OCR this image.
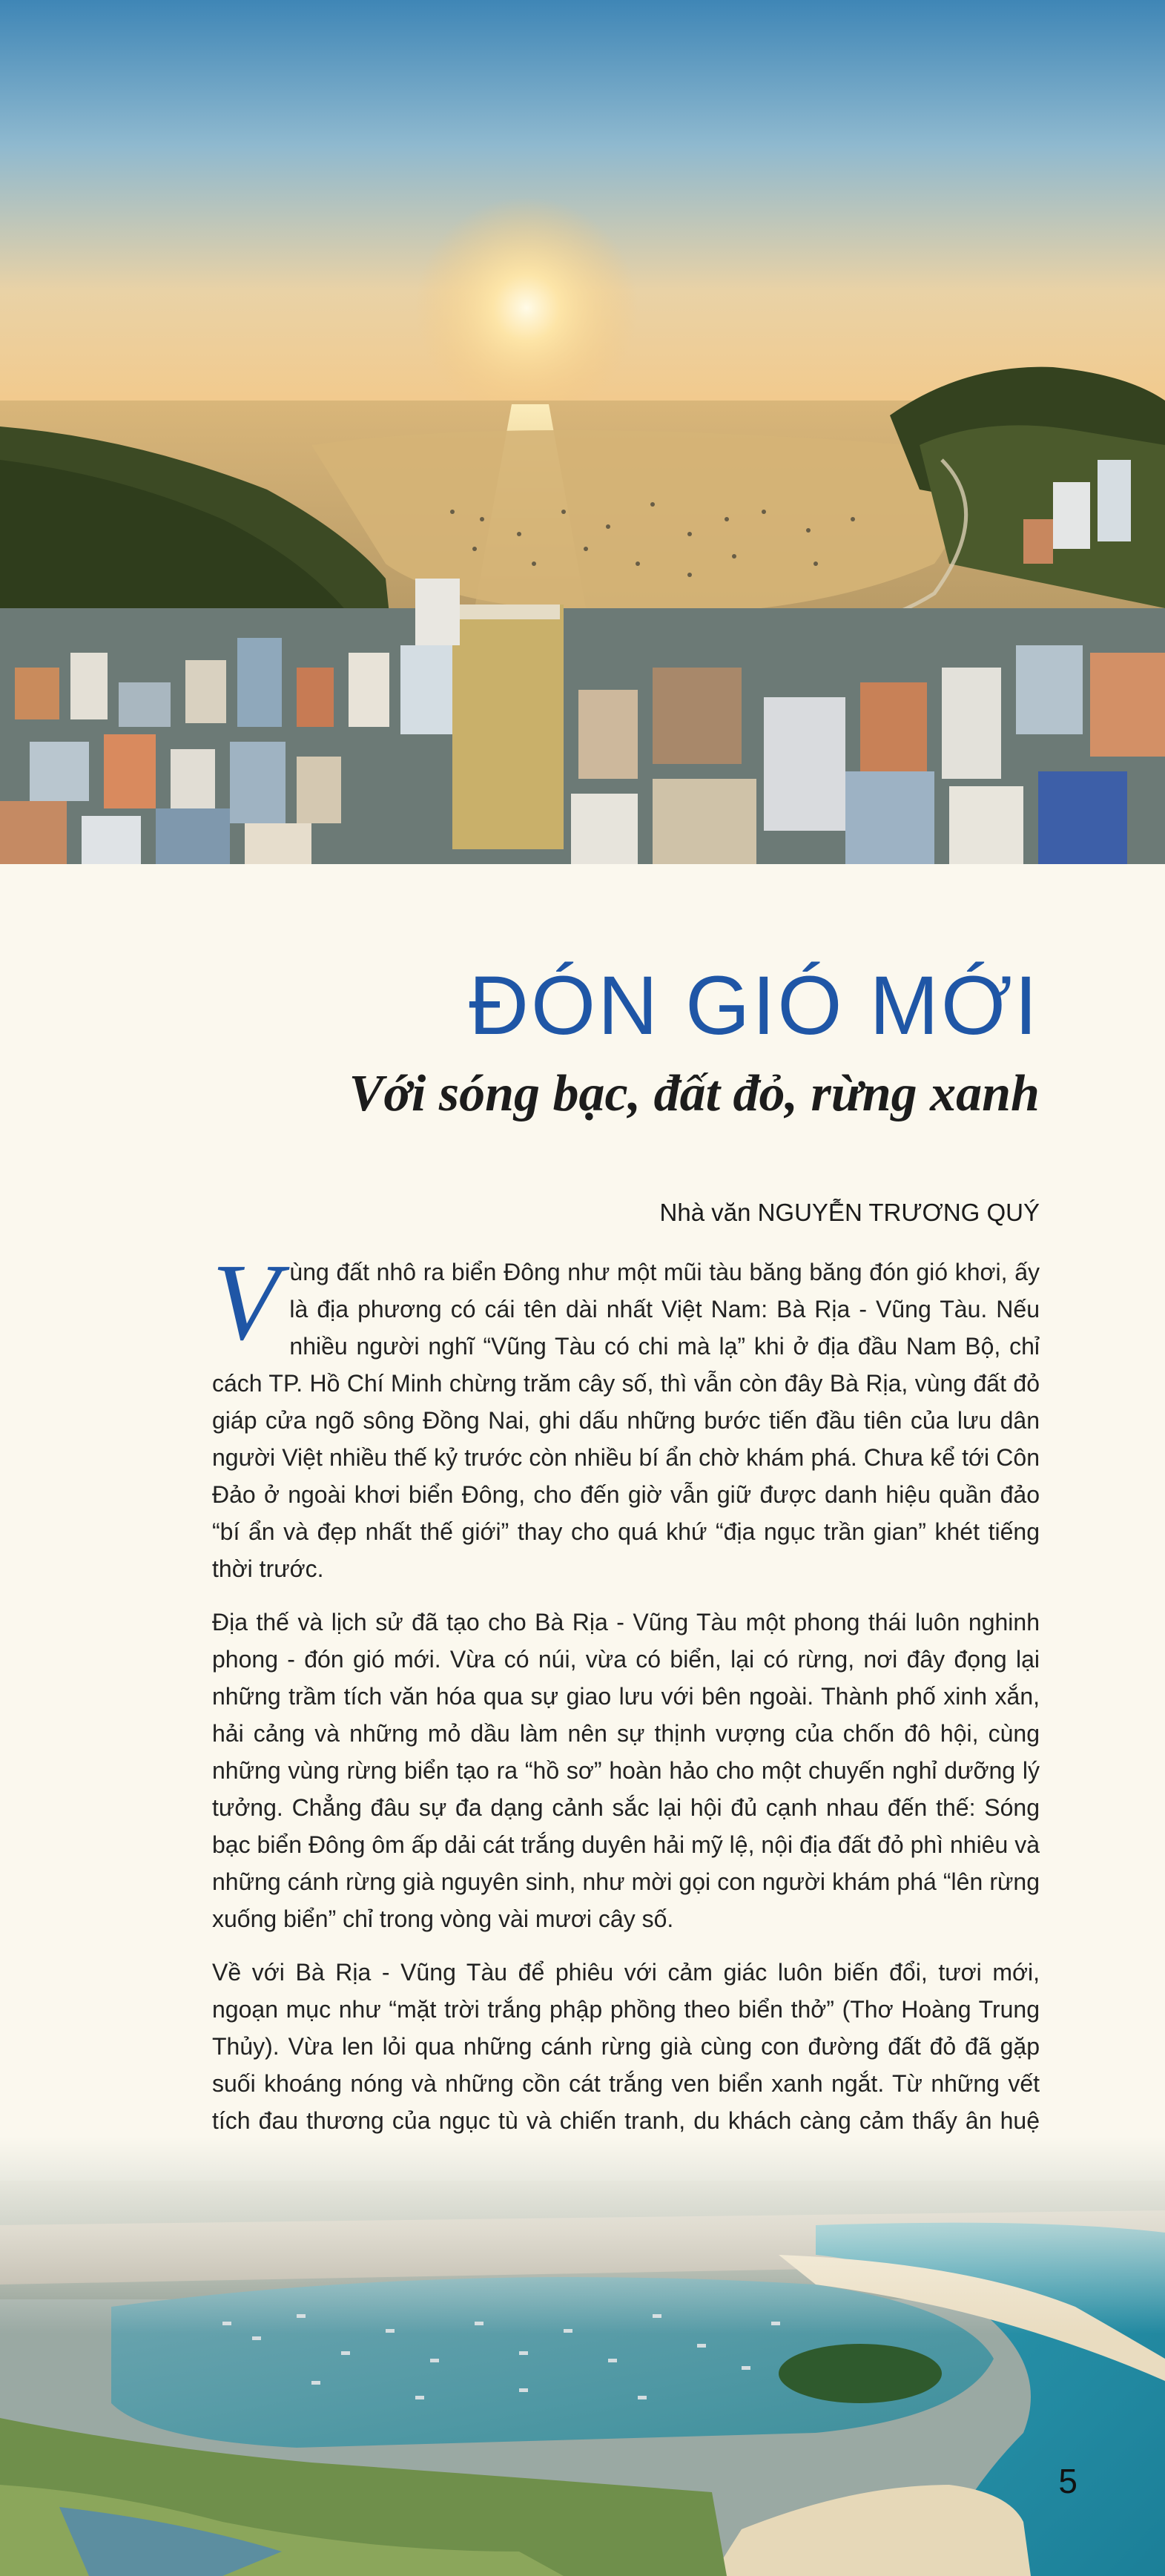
ĐÓN GIÓ MỚI
Với sóng bạc, đất đỏ, rừng xanh
Nhà văn NGUYỄN TRƯƠNG QUÝ

Vùng đất nhô ra biển Đông như một mũi tàu băng băng đón gió khơi, ấy là địa phương có cái tên dài nhất Việt Nam: Bà Rịa - Vũng Tàu. Nếu nhiều người nghĩ “Vũng Tàu có chi mà lạ” khi ở địa đầu Nam Bộ, chỉ cách TP. Hồ Chí Minh chừng trăm cây số, thì vẫn còn đây Bà Rịa, vùng đất đỏ giáp cửa ngõ sông Đồng Nai, ghi dấu những bước tiến đầu tiên của lưu dân người Việt nhiều thế kỷ trước còn nhiều bí ẩn chờ khám phá. Chưa kể tới Côn Đảo ở ngoài khơi biển Đông, cho đến giờ vẫn giữ được danh hiệu quần đảo “bí ẩn và đẹp nhất thế giới” thay cho quá khứ “địa ngục trần gian” khét tiếng thời trước.

Địa thế và lịch sử đã tạo cho Bà Rịa - Vũng Tàu một phong thái luôn nghinh phong - đón gió mới. Vừa có núi, vừa có biển, lại có rừng, nơi đây đọng lại những trầm tích văn hóa qua sự giao lưu với bên ngoài. Thành phố xinh xắn, hải cảng và những mỏ dầu làm nên sự thịnh vượng của chốn đô hội, cùng những vùng rừng biển tạo ra “hồ sơ” hoàn hảo cho một chuyến nghỉ dưỡng lý tưởng. Chẳng đâu sự đa dạng cảnh sắc lại hội đủ cạnh nhau đến thế: Sóng bạc biển Đông ôm ấp dải cát trắng duyên hải mỹ lệ, nội địa đất đỏ phì nhiêu và những cánh rừng già nguyên sinh, như mời gọi con người khám phá “lên rừng xuống biển” chỉ trong vòng vài mươi cây số.

Về với Bà Rịa - Vũng Tàu để phiêu với cảm giác luôn biến đổi, tươi mới, ngoạn mục như “mặt trời trắng phập phồng theo biển thở” (Thơ Hoàng Trung Thủy). Vừa len lỏi qua những cánh rừng già cùng con đường đất đỏ đã gặp suối khoáng nóng và những cồn cát trắng ven biển xanh ngắt. Từ những vết tích đau thương của ngục tù và chiến tranh, du khách càng cảm thấy ân huệ

5
